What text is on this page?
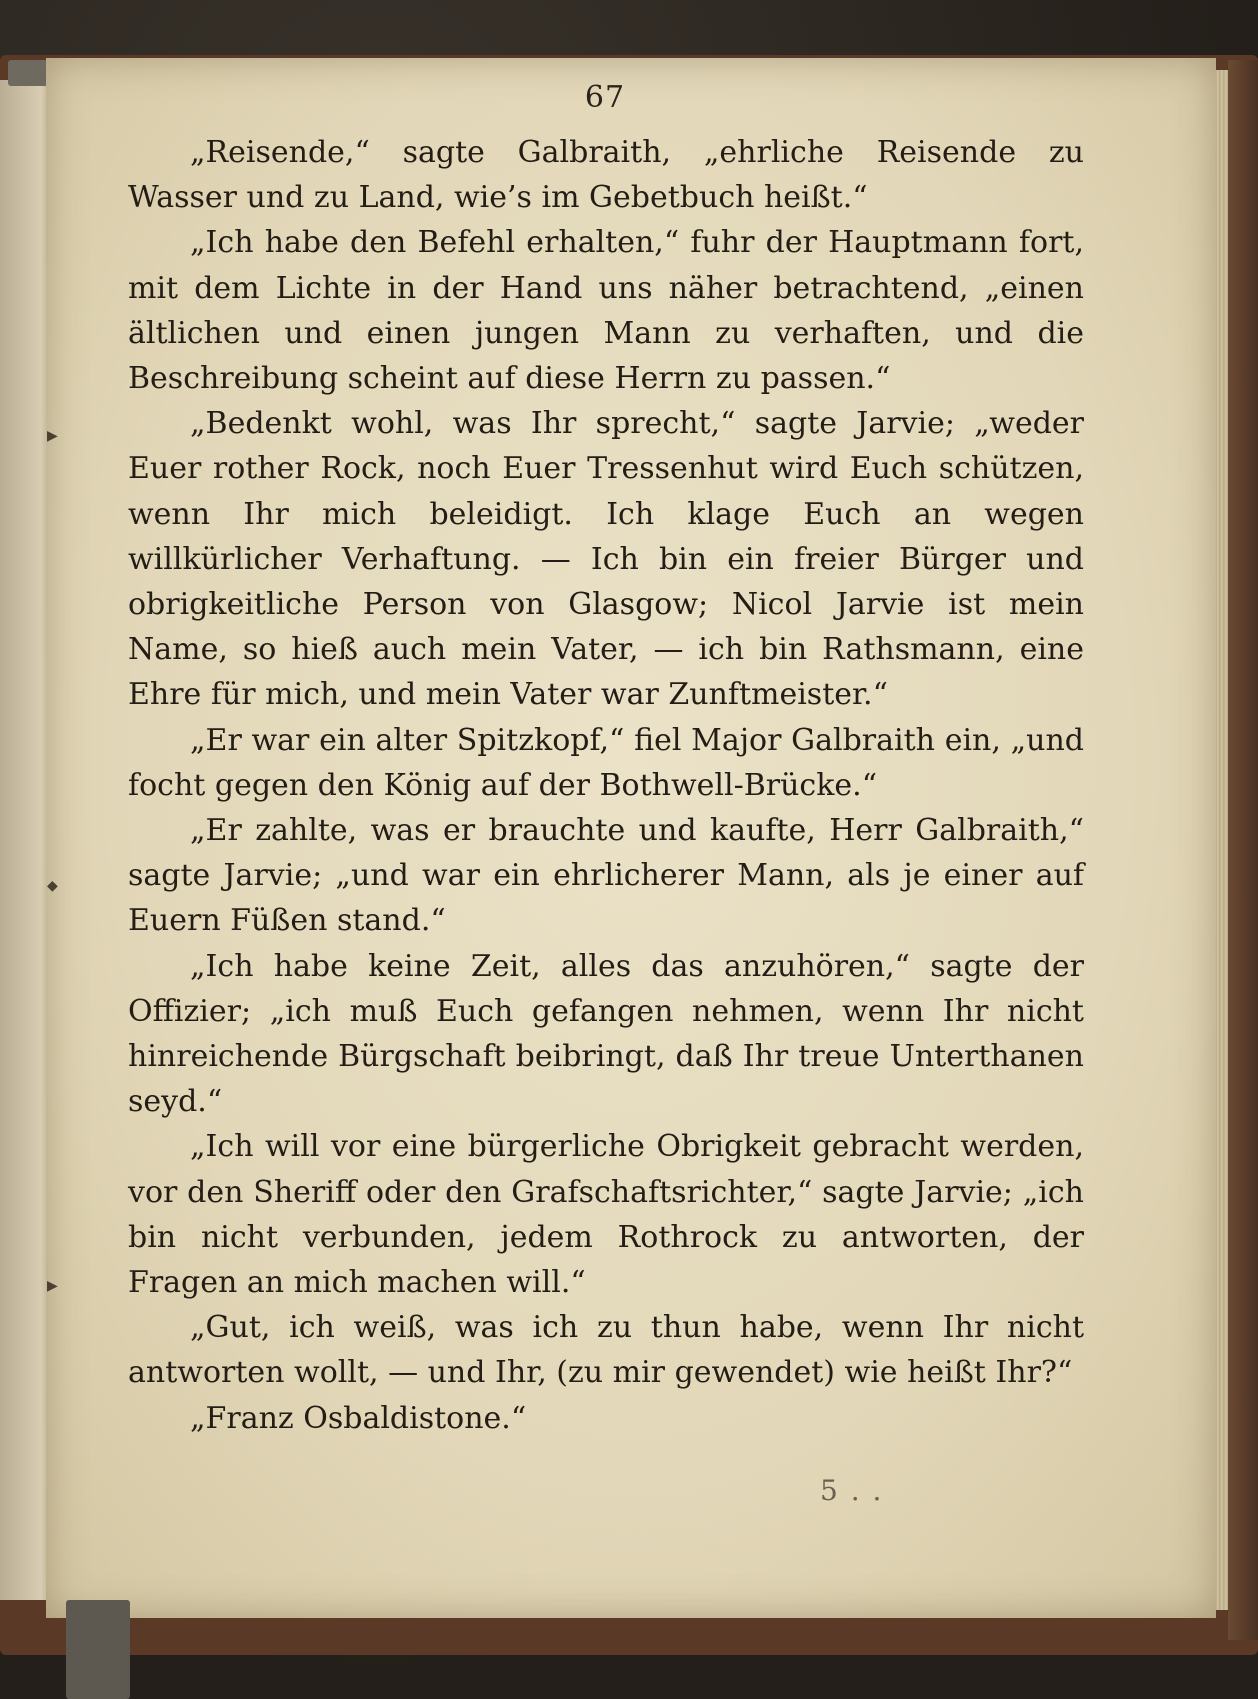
67

„Reisende,“ sagte Galbraith, „ehrliche Reisende zu Wasser und zu Land, wie’s im Gebetbuch heißt.“

„Ich habe den Befehl erhalten,“ fuhr der Hauptmann fort, mit dem Lichte in der Hand uns näher betrachtend, „einen ältlichen und einen jungen Mann zu verhaften, und die Beschreibung scheint auf diese Herrn zu passen.“

„Bedenkt wohl, was Ihr sprecht,“ sagte Jarvie; „weder Euer rother Rock, noch Euer Tressenhut wird Euch schützen, wenn Ihr mich beleidigt. Ich klage Euch an wegen willkürlicher Verhaftung. — Ich bin ein freier Bürger und obrigkeitliche Person von Glasgow; Nicol Jarvie ist mein Name, so hieß auch mein Vater, — ich bin Rathsmann, eine Ehre für mich, und mein Vater war Zunftmeister.“

„Er war ein alter Spitzkopf,“ fiel Major Galbraith ein, „und focht gegen den König auf der Bothwell-Brücke.“

„Er zahlte, was er brauchte und kaufte, Herr Galbraith,“ sagte Jarvie; „und war ein ehrlicherer Mann, als je einer auf Euern Füßen stand.“

„Ich habe keine Zeit, alles das anzuhören,“ sagte der Offizier; „ich muß Euch gefangen nehmen, wenn Ihr nicht hinreichende Bürgschaft beibringt, daß Ihr treue Unterthanen seyd.“

„Ich will vor eine bürgerliche Obrigkeit gebracht werden, vor den Sheriff oder den Grafschaftsrichter,“ sagte Jarvie; „ich bin nicht verbunden, jedem Rothrock zu antworten, der Fragen an mich machen will.“

„Gut, ich weiß, was ich zu thun habe, wenn Ihr nicht antworten wollt, — und Ihr, (zu mir gewendet) wie heißt Ihr?“

„Franz Osbaldistone.“

5 . .
▶
◆
▶
